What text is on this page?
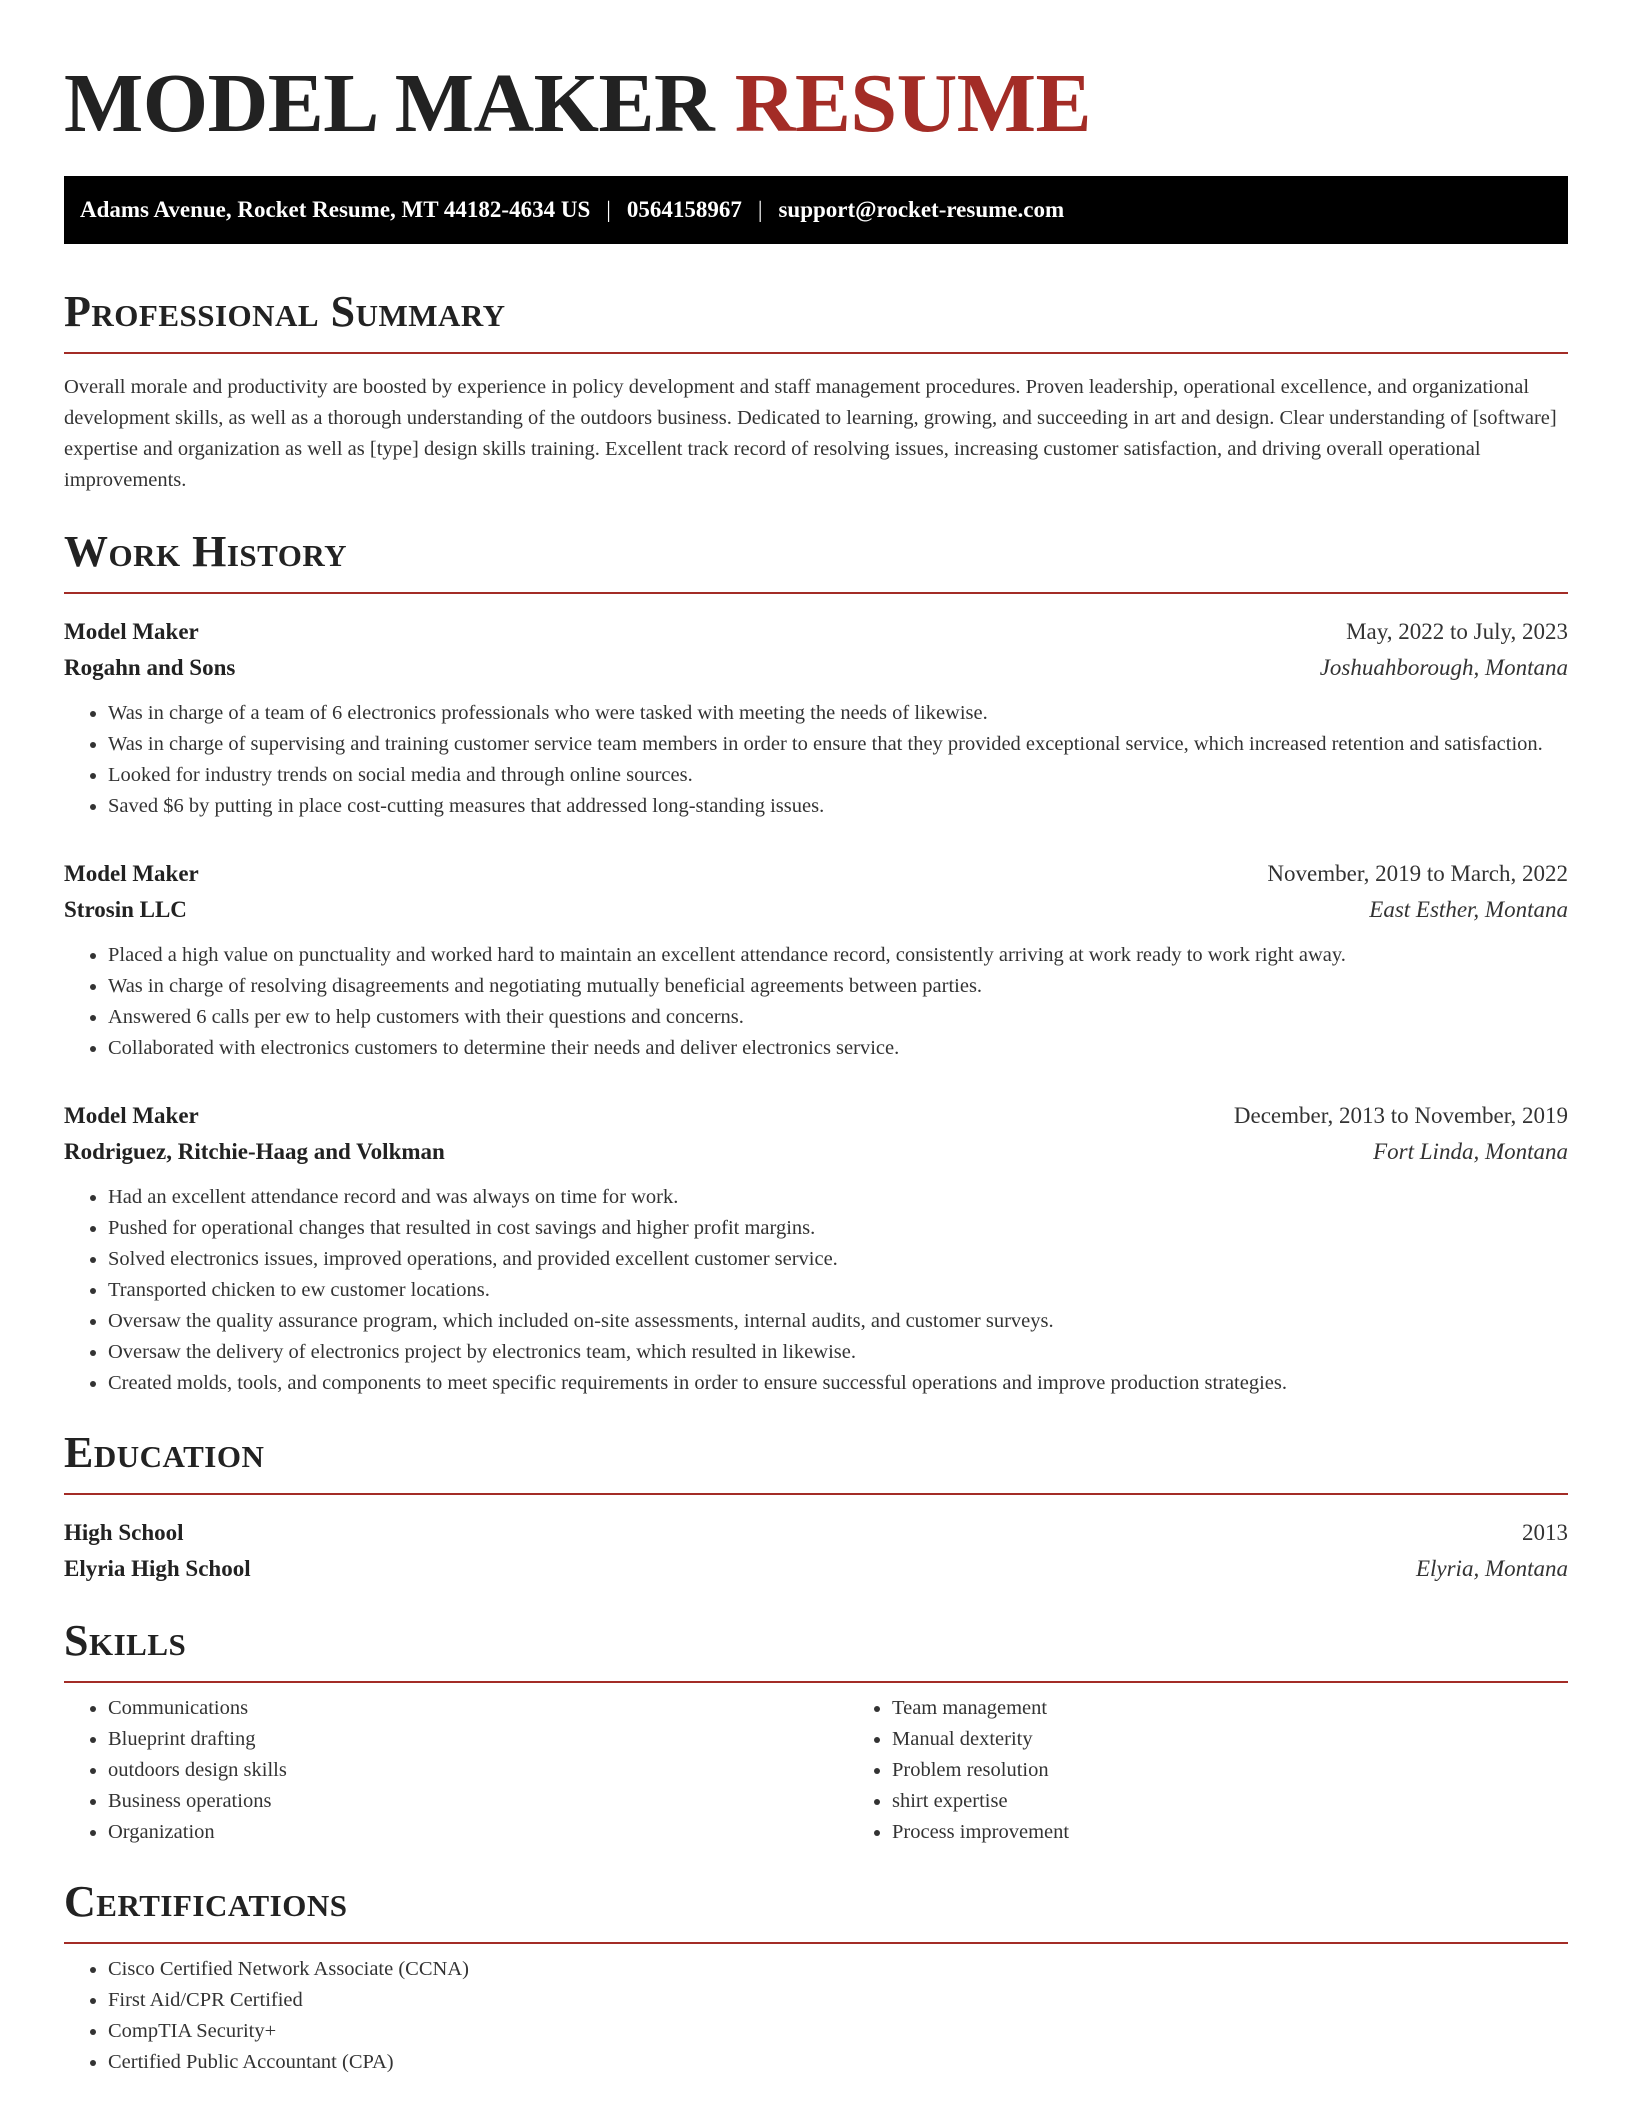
MODEL MAKER RESUME
Adams Avenue, Rocket Resume, MT 44182-4634 US | 0564158967 | support@rocket-resume.com
Professional Summary

Overall morale and productivity are boosted by experience in policy development and staff management procedures. Proven leadership, operational excellence, and organizational development skills, as well as a thorough understanding of the outdoors business. Dedicated to learning, growing, and succeeding in art and design. Clear understanding of [software] expertise and organization as well as [type] design skills training. Excellent track record of resolving issues, increasing customer satisfaction, and driving overall operational improvements.

Work History
Model Maker	May, 2022 to July, 2023
Rogahn and Sons	Joshuahborough, Montana
• Was in charge of a team of 6 electronics professionals who were tasked with meeting the needs of likewise.
• Was in charge of supervising and training customer service team members in order to ensure that they provided exceptional service, which increased retention and satisfaction.
• Looked for industry trends on social media and through online sources.
• Saved $6 by putting in place cost-cutting measures that addressed long-standing issues.
Model Maker	November, 2019 to March, 2022
Strosin LLC	East Esther, Montana
• Placed a high value on punctuality and worked hard to maintain an excellent attendance record, consistently arriving at work ready to work right away.
• Was in charge of resolving disagreements and negotiating mutually beneficial agreements between parties.
• Answered 6 calls per ew to help customers with their questions and concerns.
• Collaborated with electronics customers to determine their needs and deliver electronics service.
Model Maker	December, 2013 to November, 2019
Rodriguez, Ritchie-Haag and Volkman	Fort Linda, Montana
• Had an excellent attendance record and was always on time for work.
• Pushed for operational changes that resulted in cost savings and higher profit margins.
• Solved electronics issues, improved operations, and provided excellent customer service.
• Transported chicken to ew customer locations.
• Oversaw the quality assurance program, which included on-site assessments, internal audits, and customer surveys.
• Oversaw the delivery of electronics project by electronics team, which resulted in likewise.
• Created molds, tools, and components to meet specific requirements in order to ensure successful operations and improve production strategies.
Education
High School	2013
Elyria High School	Elyria, Montana
Skills
• Communications
• Blueprint drafting
• outdoors design skills
• Business operations
• Organization
• Team management
• Manual dexterity
• Problem resolution
• shirt expertise
• Process improvement
Certifications
• Cisco Certified Network Associate (CCNA)
• First Aid/CPR Certified
• CompTIA Security+
• Certified Public Accountant (CPA)
